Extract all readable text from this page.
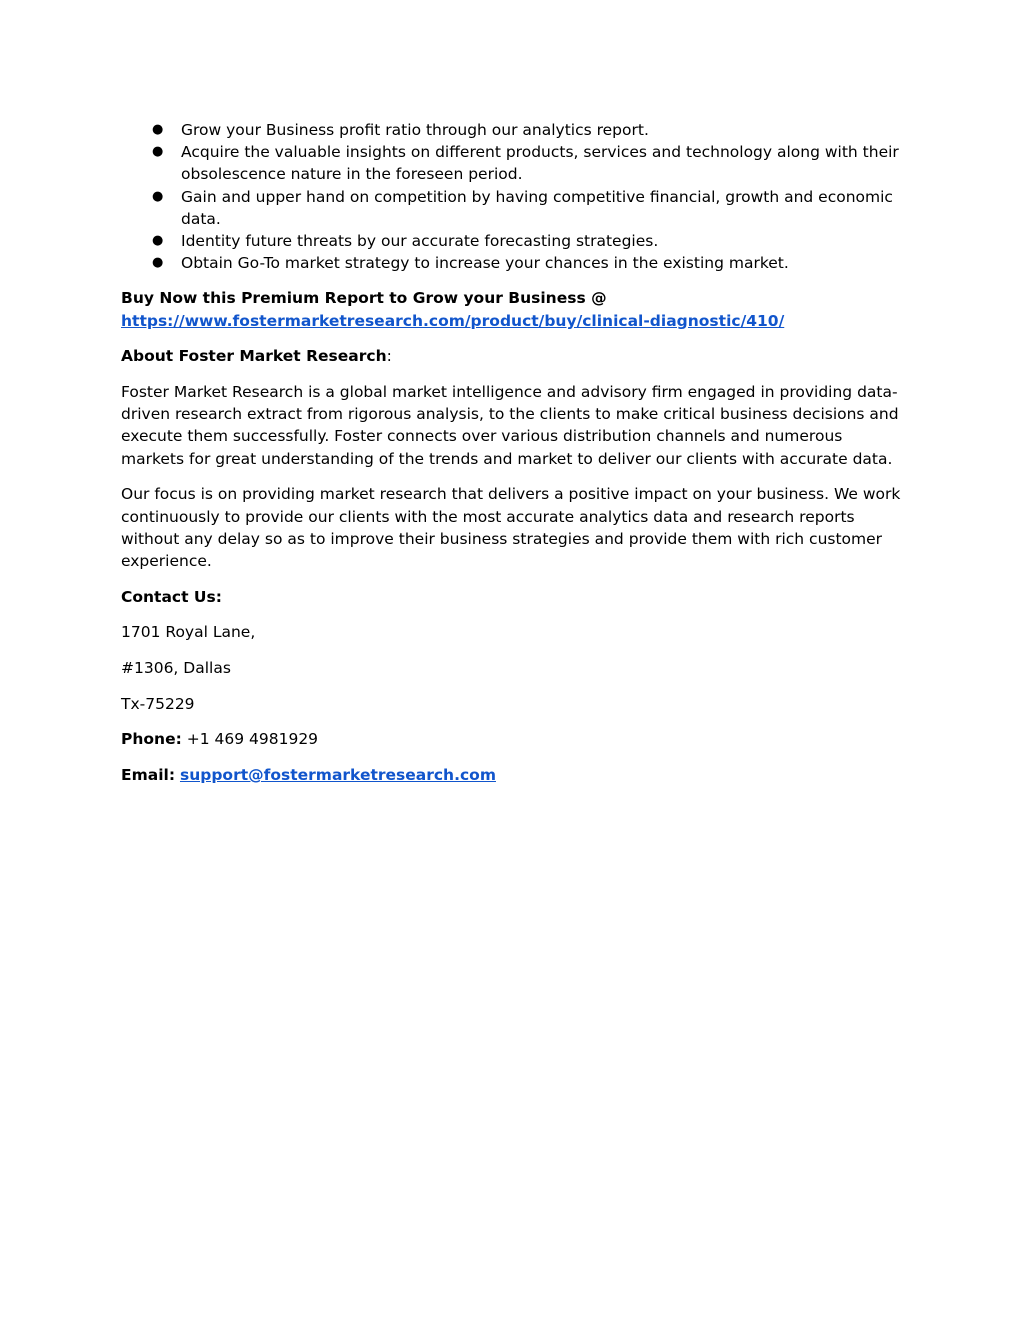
● Grow your Business profit ratio through our analytics report.
● Acquire the valuable insights on different products, services and technology along with their obsolescence nature in the foreseen period.
● Gain and upper hand on competition by having competitive financial, growth and economic data.
● Identity future threats by our accurate forecasting strategies.
● Obtain Go-To market strategy to increase your chances in the existing market.

Buy Now this Premium Report to Grow your Business @
https://www.fostermarketresearch.com/product/buy/clinical-diagnostic/410/

About Foster Market Research:

Foster Market Research is a global market intelligence and advisory firm engaged in providing data-driven research extract from rigorous analysis, to the clients to make critical business decisions and execute them successfully. Foster connects over various distribution channels and numerous markets for great understanding of the trends and market to deliver our clients with accurate data.

Our focus is on providing market research that delivers a positive impact on your business. We work continuously to provide our clients with the most accurate analytics data and research reports without any delay so as to improve their business strategies and provide them with rich customer experience.

Contact Us:

1701 Royal Lane,

#1306, Dallas

Tx-75229

Phone: +1 469 4981929

Email: support@fostermarketresearch.com
